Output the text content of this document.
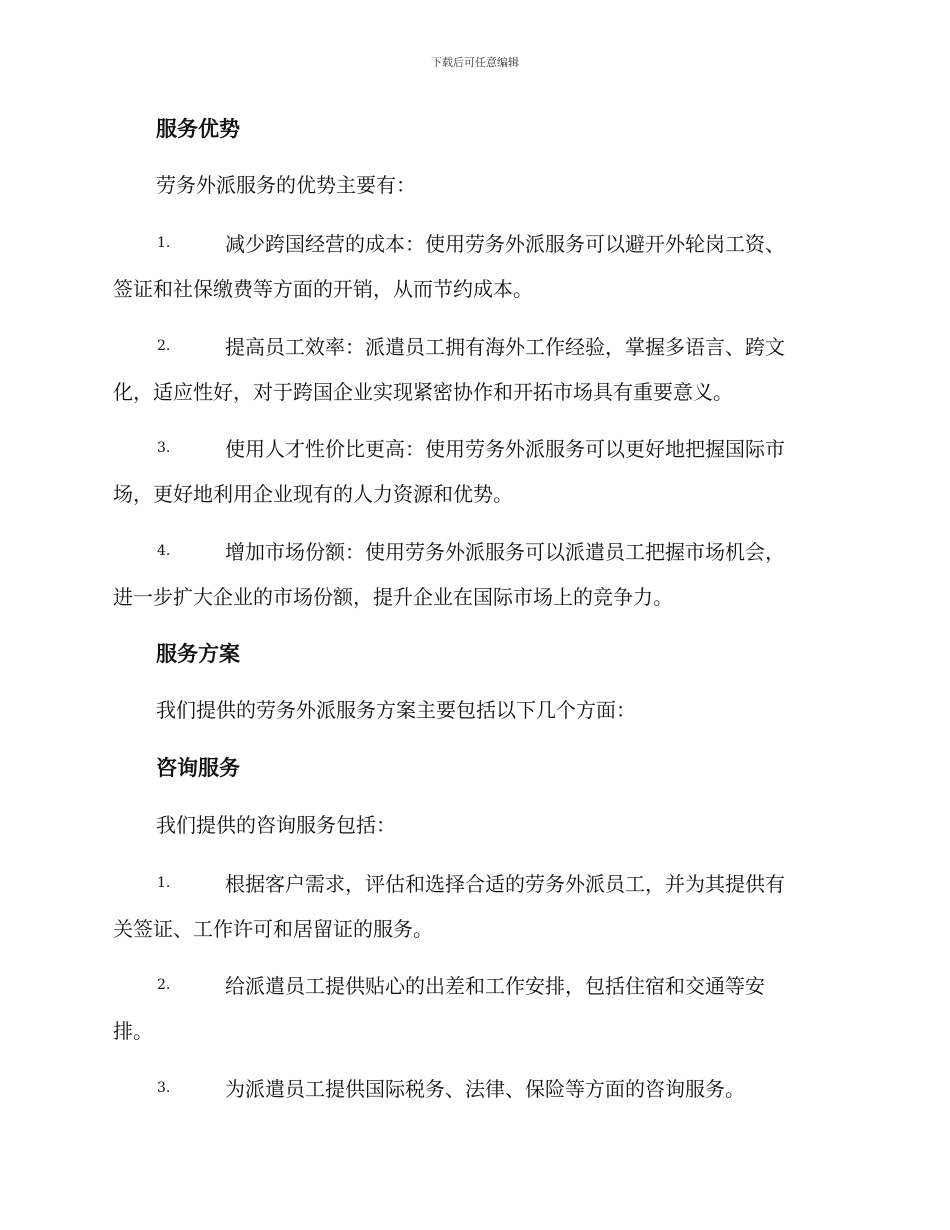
下载后可任意编辑
服务优势
劳务外派服务的优势主要有：
1.	减少跨国经营的成本：使用劳务外派服务可以避开外轮岗工资、
签证和社保缴费等方面的开销，从而节约成本。
2.	提高员工效率：派遣员工拥有海外工作经验，掌握多语言、跨文
化，适应性好，对于跨国企业实现紧密协作和开拓市场具有重要意义。
3.	使用人才性价比更高：使用劳务外派服务可以更好地把握国际市
场，更好地利用企业现有的人力资源和优势。
4.	增加市场份额：使用劳务外派服务可以派遣员工把握市场机会，
进一步扩大企业的市场份额，提升企业在国际市场上的竞争力。
服务方案
我们提供的劳务外派服务方案主要包括以下几个方面：
咨询服务
我们提供的咨询服务包括：
1.	根据客户需求，评估和选择合适的劳务外派员工，并为其提供有
关签证、工作许可和居留证的服务。
2.	给派遣员工提供贴心的出差和工作安排，包括住宿和交通等安
排。
3.	为派遣员工提供国际税务、法律、保险等方面的咨询服务。
